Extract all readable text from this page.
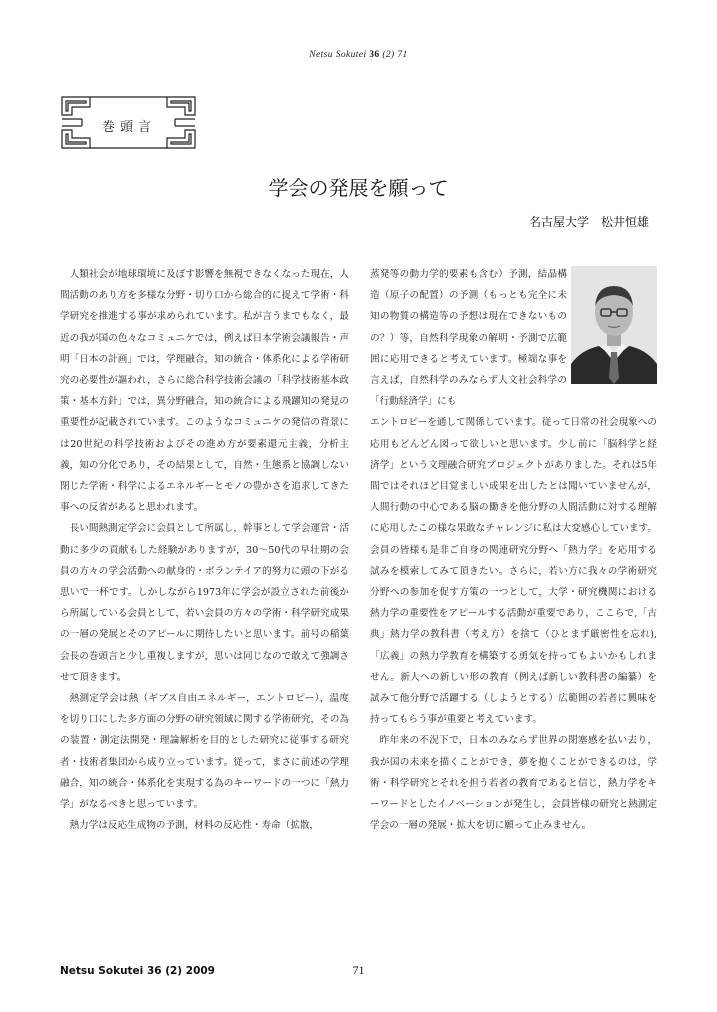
Netsu Sokutei 36 (2) 71
巻頭言
学会の発展を願って
名古屋大学　松井恒雄

人類社会が地球環境に及ぼす影響を無視できなくなった現在，人間活動のあり方を多様な分野・切り口から総合的に捉えて学術・科学研究を推進する事が求められています。私が言うまでもなく，最近の我が国の色々なコミュニケでは，例えば日本学術会議報告・声明「日本の計画」では，学理融合，知の統合・体系化による学術研究の必要性が謳われ，さらに総合科学技術会議の「科学技術基本政策・基本方針」では，異分野融合，知の統合による飛躍知の発見の重要性が記載されています。このようなコミュニケの発信の背景には20世紀の科学技術およびその進め方が要素還元主義，分析主義，知の分化であり，その結果として，自然・生態系と協調しない閉じた学術・科学によるエネルギーとモノの豊かさを追求してきた事への反省があると思われます。

長い間熱測定学会に会員として所属し，幹事として学会運営・活動に多少の貢献もした経験がありますが，30～50代の早壮期の会員の方々の学会活動への献身的・ボランテイア的努力に頭の下がる思いで一杯です。しかしながら1973年に学会が設立された前後から所属している会員として，若い会員の方々の学術・科学研究成果の一層の発展とそのアピールに期待したいと思います。前号の稲葉会長の巻頭言と少し重複しますが，思いは同じなので敢えて強調させて頂きます。

熱測定学会は熱（ギブス自由エネルギー，エントロピー），温度を切り口にした多方面の分野の研究領域に関する学術研究，その為の装置・測定法開発・理論解析を目的とした研究に従事する研究者・技術者集団から成り立っています。従って，まさに前述の学理融合，知の統合・体系化を実現する為のキーワードの一つに「熱力学」がなるべきと思っています。

熱力学は反応生成物の予測，材料の反応性・寿命（拡散，

蒸発等の動力学的要素も含む）予測，結晶構造（原子の配置）の予測（もっとも完全に未知の物質の構造等の予想は現在できないものの？）等，自然科学現象の解明・予測で広範囲に応用できると考えています。極端な事を言えば，自然科学のみならず人文社会科学の「行動経済学」にも

エントロピーを通して関係しています。従って日常の社会現象への応用もどんどん図って欲しいと思います。少し前に「脳科学と経済学」という文理融合研究プロジェクトがありました。それは5年間ではそれほど目覚ましい成果を出したとは聞いていませんが，人間行動の中心である脳の働きを他分野の人間活動に対する理解に応用したこの様な果敢なチャレンジに私は大変感心しています。会員の皆様も是非ご自身の関連研究分野へ「熱力学」を応用する試みを模索してみて頂きたい。さらに，若い方に我々の学術研究分野への参加を促す方策の一つとして，大学・研究機関における熱力学の重要性をアピールする活動が重要であり，ここらで,「古典」熱力学の教科書（考え方）を捨て（ひとまず厳密性を忘れ),「広義」の熱力学教育を構築する勇気を持ってもよいかもしれません。新人への新しい形の教育（例えば新しい教科書の編纂）を試みて他分野で活躍する（しようとする）広範囲の若者に興味を持ってもらう事が重要と考えています。

昨年来の不況下で，日本のみならず世界の閉塞感を払い去り，我が国の未来を描くことができ，夢を抱くことができるのは，学術・科学研究とそれを担う若者の教育であると信じ，熱力学をキーワードとしたイノベーションが発生し，会員皆様の研究と熱測定学会の一層の発展・拡大を切に願って止みません。

Netsu Sokutei 36 (2) 2009	71
